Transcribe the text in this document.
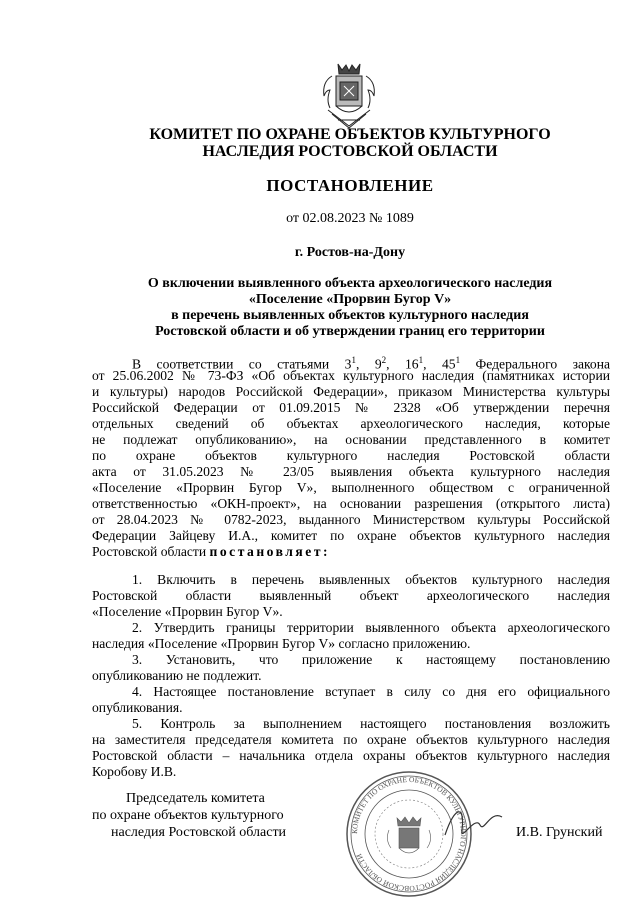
КОМИТЕТ ПО ОХРАНЕ ОБЪЕКТОВ КУЛЬТУРНОГО
НАСЛЕДИЯ РОСТОВСКОЙ ОБЛАСТИ
ПОСТАНОВЛЕНИЕ
от 02.08.2023 № 1089
г. Ростов-на-Дону
О включении выявленного объекта археологического наследия
«Поселение «Прорвин Бугор V»
в перечень выявленных объектов культурного наследия
Ростовской области и об утверждении границ его территории
В соответствии со статьями $3^1$, $9^2$, $16^1$, $45^1$ Федерального закона
от 25.06.2002 № 73-ФЗ «Об объектах культурного наследия (памятниках истории
и культуры) народов Российской Федерации», приказом Министерства культуры
Российской Федерации от 01.09.2015 № 2328 «Об утверждении перечня
отдельных сведений об объектах археологического наследия, которые
не подлежат опубликованию», на основании представленного в комитет
по охране объектов культурного наследия Ростовской области
акта от 31.05.2023 № 23/05 выявления объекта культурного наследия
«Поселение «Прорвин Бугор V», выполненного обществом с ограниченной
ответственностью «ОКН-проект», на основании разрешения (открытого листа)
от 28.04.2023 № 0782-2023, выданного Министерством культуры Российской
Федерации Зайцеву И.А., комитет по охране объектов культурного наследия
Ростовской области постановляет:
1. Включить в перечень выявленных объектов культурного наследия
Ростовской области выявленный объект археологического наследия
«Поселение «Прорвин Бугор V».
2. Утвердить границы территории выявленного объекта археологического
наследия «Поселение «Прорвин Бугор V» согласно приложению.
3. Установить, что приложение к настоящему постановлению
опубликованию не подлежит.
4. Настоящее постановление вступает в силу со дня его официального
опубликования.
5. Контроль за выполнением настоящего постановления возложить
на заместителя председателя комитета по охране объектов культурного наследия
Ростовской области – начальника отдела охраны объектов культурного наследия
Коробову И.В.
Председатель комитета
по охране объектов культурного
наследия Ростовской области	КОМИТЕТ ПО ОХРАНЕ ОБЪЕКТОВ КУЛЬТУРНОГО НАСЛЕДИЯ РОСТОВСКОЙ ОБЛАСТИ
И.В. Грунский
